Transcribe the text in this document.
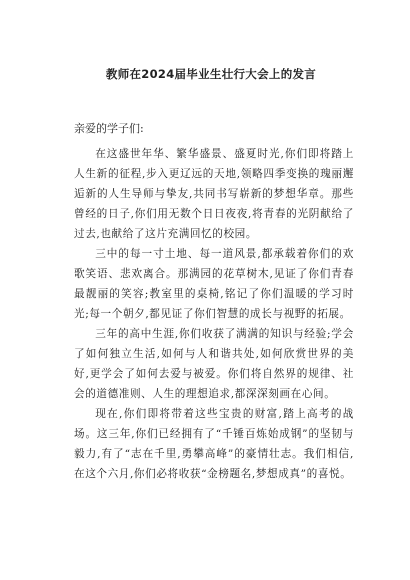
教师在2024届毕业生壮行大会上的发言
亲爱的学子们:

在这盛世年华、繁华盛景、盛夏时光,你们即将踏上人生新的征程,步入更辽远的天地,领略四季变换的瑰丽邂逅新的人生导师与挚友,共同书写崭新的梦想华章。那些曾经的日子,你们用无数个日日夜夜,将青春的光阴献给了过去,也献给了这片充满回忆的校园。

三中的每一寸土地、每一道风景,都承载着你们的欢歌笑语、悲欢离合。那满园的花草树木,见证了你们青春最靓丽的笑容;教室里的桌椅,铭记了你们温暖的学习时光;每一个朝夕,都见证了你们智慧的成长与视野的拓展。

三年的高中生涯,你们收获了满满的知识与经验;学会了如何独立生活,如何与人和谐共处,如何欣赏世界的美好,更学会了如何去爱与被爱。你们将自然界的规律、社会的道德准则、人生的理想追求,都深深刻画在心间。

现在,你们即将带着这些宝贵的财富,踏上高考的战场。这三年,你们已经拥有了“千锤百炼始成钢”的坚韧与毅力,有了“志在千里,勇攀高峰”的豪情壮志。我们相信,在这个六月,你们必将收获“金榜题名,梦想成真”的喜悦。
